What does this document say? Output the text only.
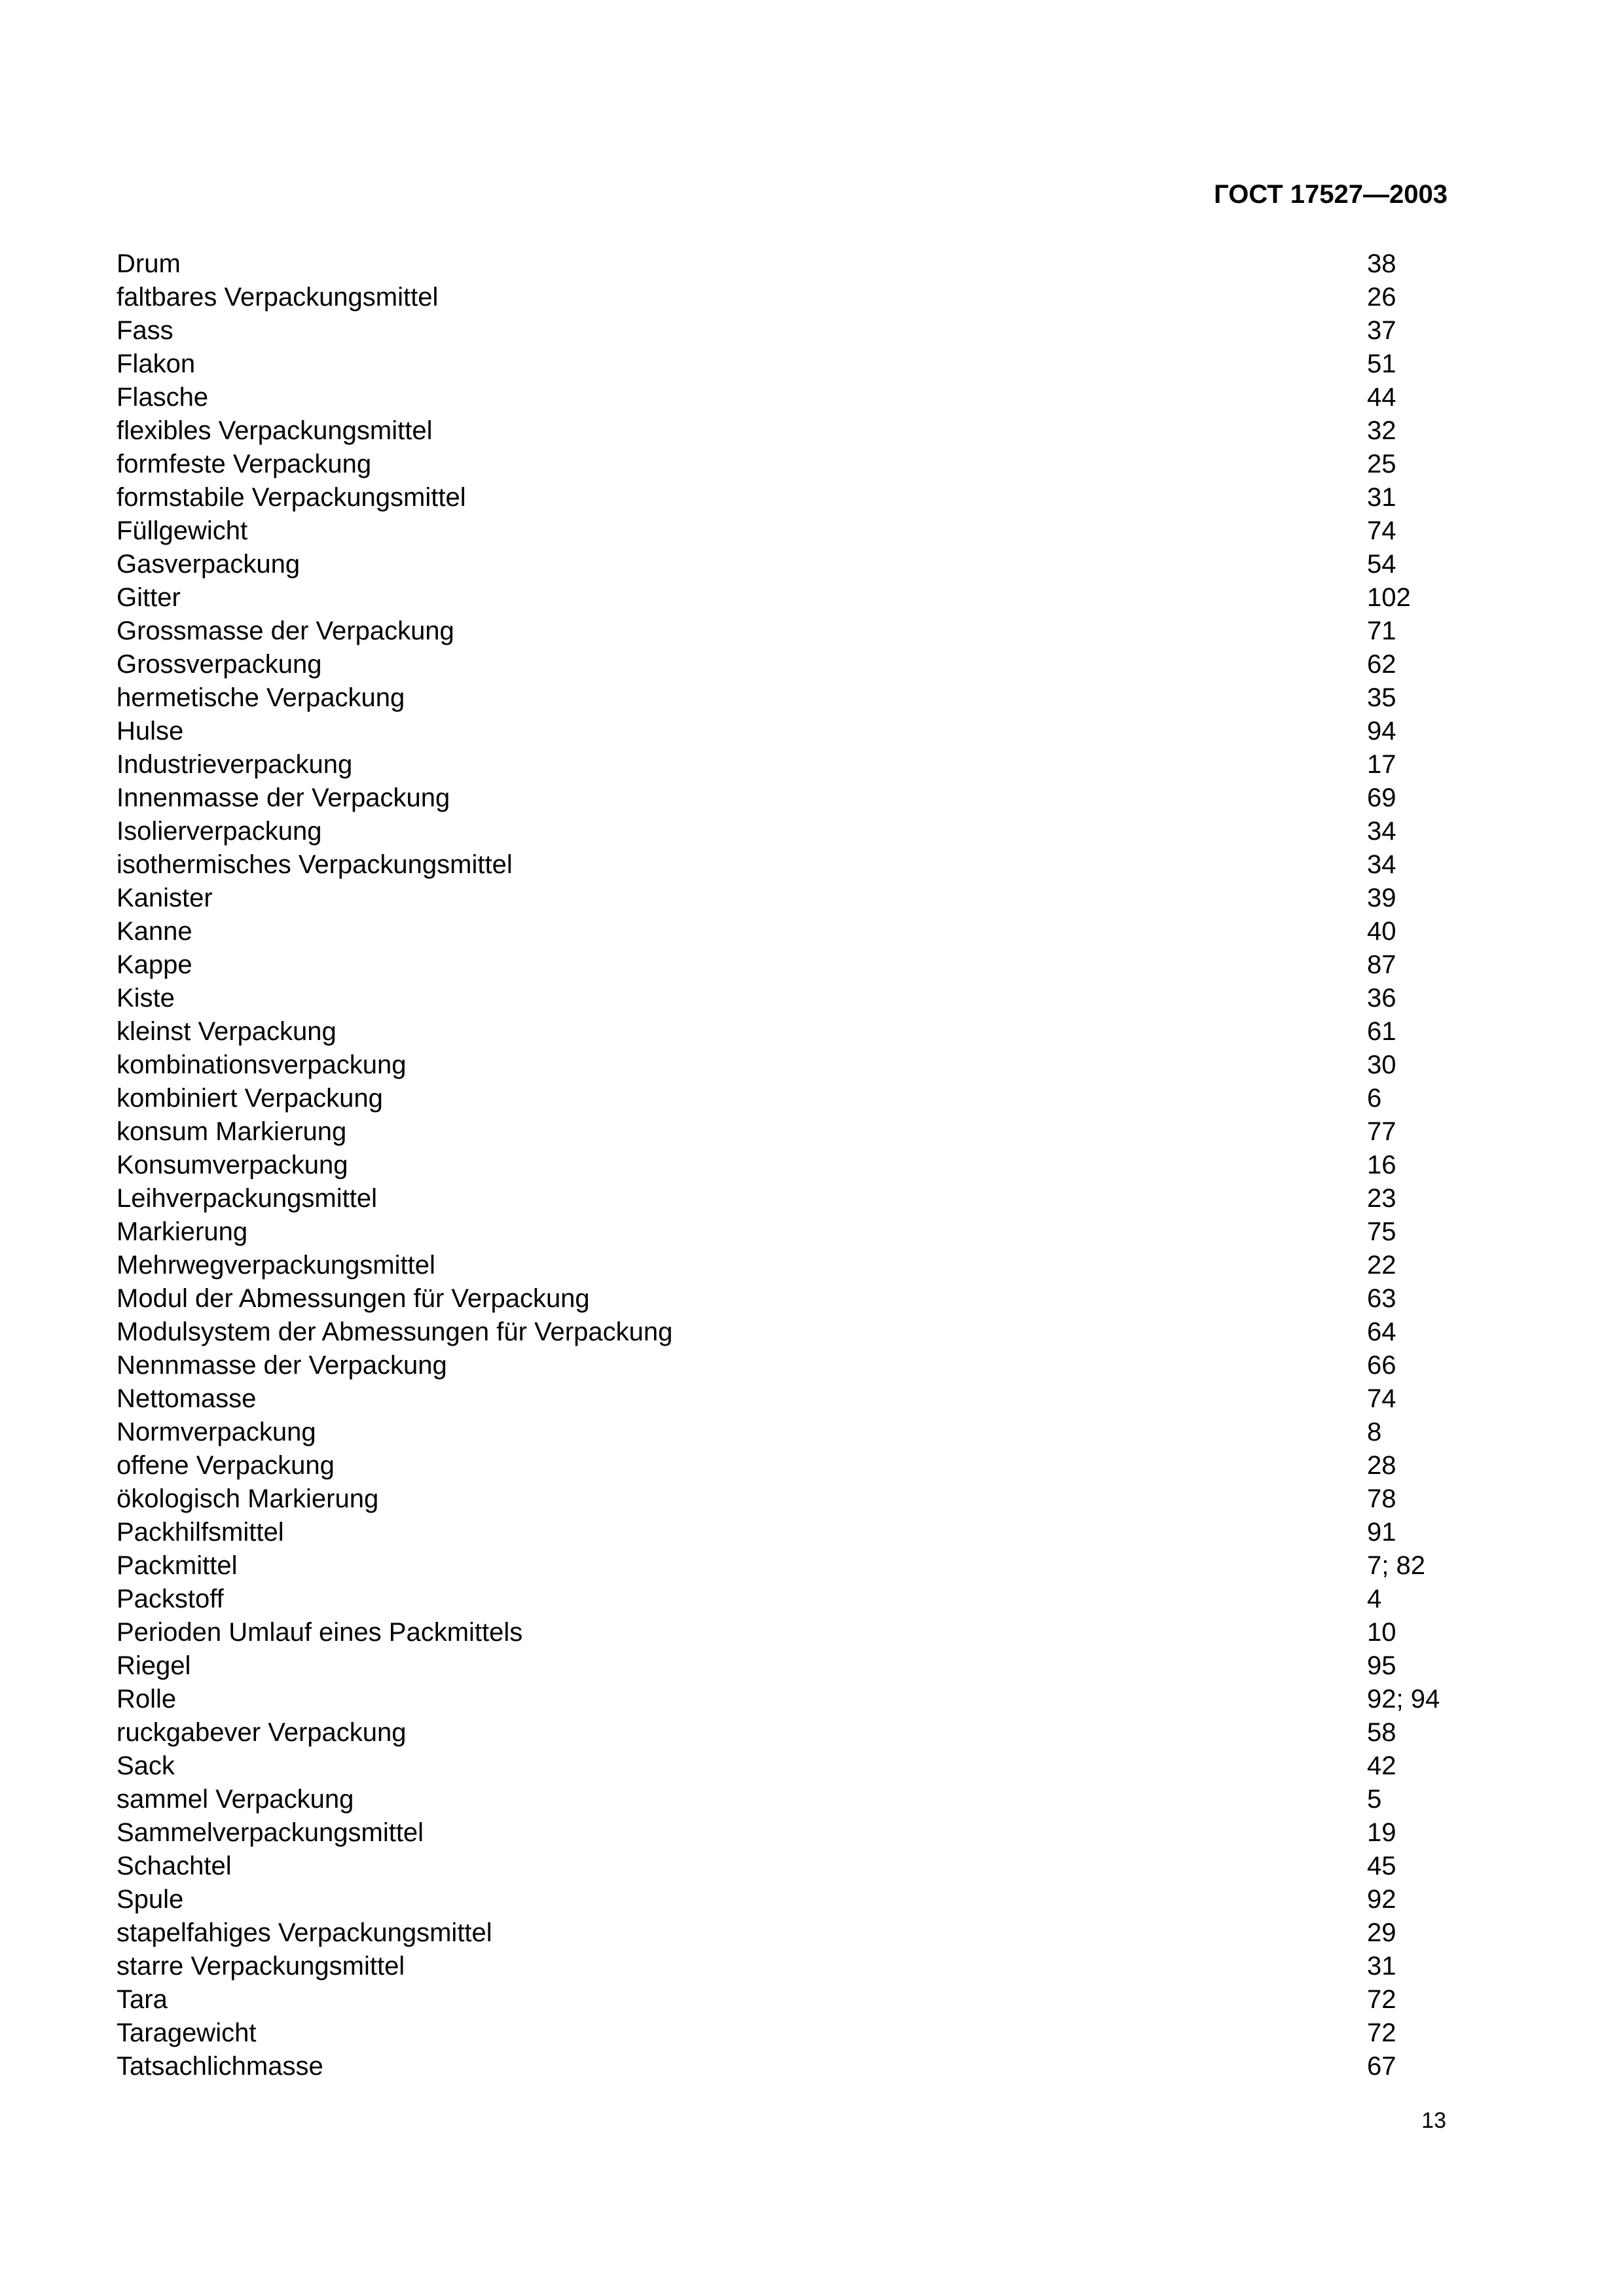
ГОСТ 17527—2003
Drum	38
faltbares Verpackungsmittel	26
Fass	37
Flakon	51
Flasche	44
flexibles Verpackungsmittel	32
formfeste Verpackung	25
formstabile Verpackungsmittel	31
Füllgewicht	74
Gasverpackung	54
Gitter	102
Grossmasse der Verpackung	71
Grossverpackung	62
hermetische Verpackung	35
Hulse	94
Industrieverpackung	17
Innenmasse der Verpackung	69
Isolierverpackung	34
isothermisches Verpackungsmittel	34
Kanister	39
Kanne	40
Kappe	87
Kiste	36
kleinst Verpackung	61
kombinationsverpackung	30
kombiniert Verpackung	6
konsum Markierung	77
Konsumverpackung	16
Leihverpackungsmittel	23
Markierung	75
Mehrwegverpackungsmittel	22
Modul der Abmessungen für Verpackung	63
Modulsystem der Abmessungen für Verpackung	64
Nennmasse der Verpackung	66
Nettomasse	74
Normverpackung	8
offene Verpackung	28
ökologisch Markierung	78
Packhilfsmittel	91
Packmittel	7; 82
Packstoff	4
Perioden Umlauf eines Packmittels	10
Riegel	95
Rolle	92; 94
ruckgabever Verpackung	58
Sack	42
sammel Verpackung	5
Sammelverpackungsmittel	19
Schachtel	45
Spule	92
stapelfahiges Verpackungsmittel	29
starre Verpackungsmittel	31
Tara	72
Taragewicht	72
Tatsachlichmasse	67
13
